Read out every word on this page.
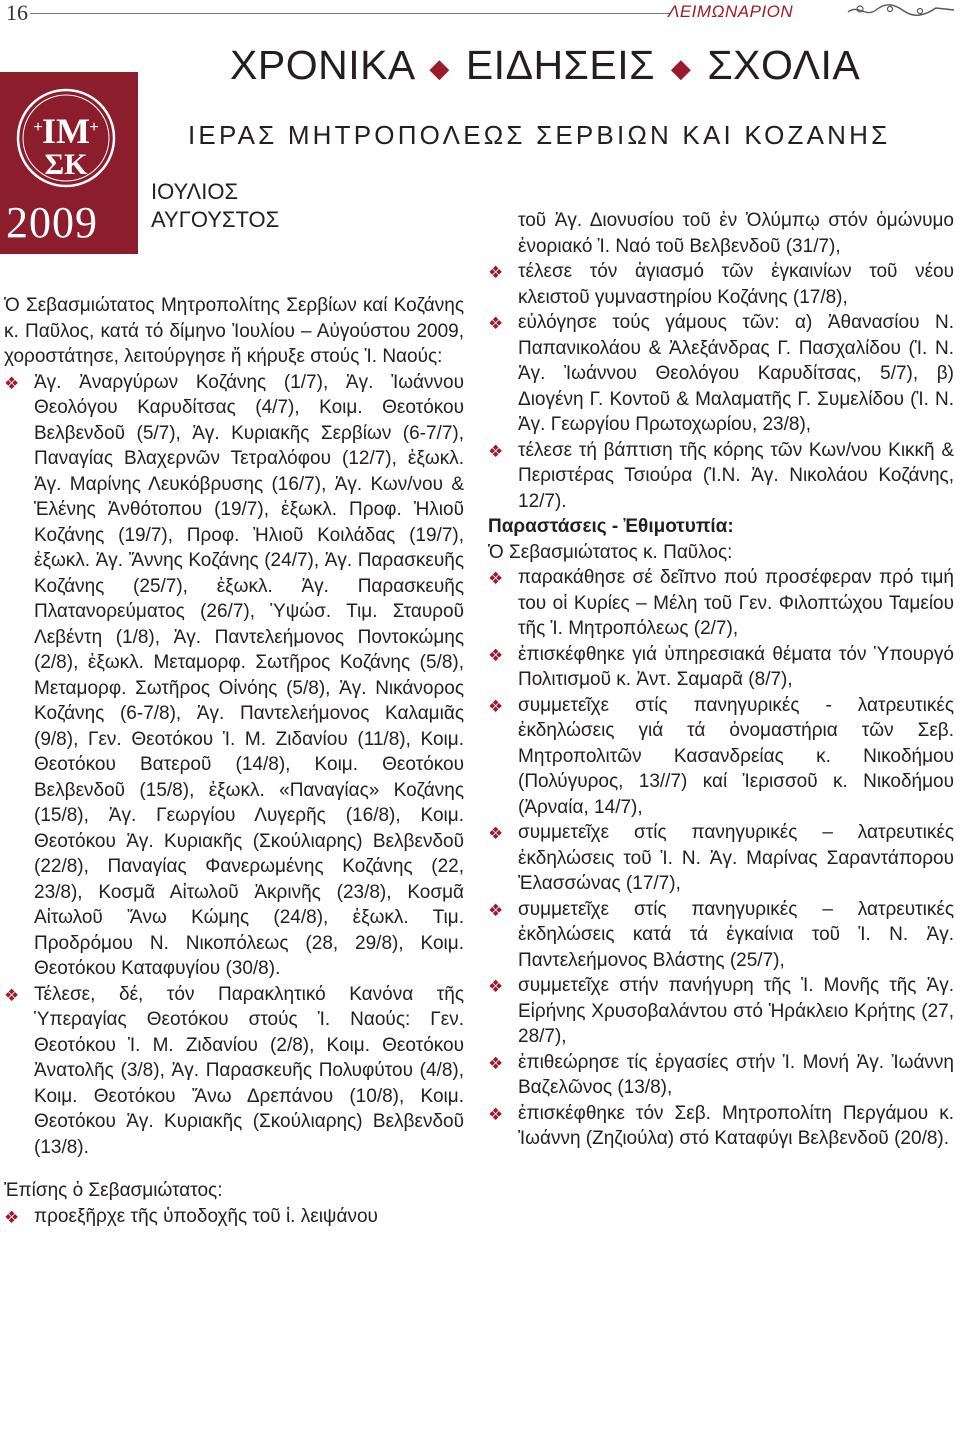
16	ΛΕΙΜΩΝΑΡΙΟΝ
ΧΡΟΝΙΚΑ ◆ ΕΙΔΗΣΕΙΣ ◆ ΣΧΟΛΙΑ
ΙΕΡΑΣ ΜΗΤΡΟΠΟΛΕΩΣ ΣΕΡΒΙΩΝ ΚΑΙ ΚΟΖΑΝΗΣ
ΙΜ
ΣΚ
+	+
2009
ΙΟΥΛΙΟΣ
ΑΥΓΟΥΣΤΟΣ

Ὁ Σεβασμιώτατος Μητροπολίτης Σερβίων καί Κοζάνης κ. Παῦλος, κατά τό δίμηνο Ἰουλίου – Αὐγούστου 2009, χοροστάτησε, λειτούργησε ἤ κήρυξε στούς Ἱ. Ναούς:

❖ Ἁγ. Ἀναργύρων Κοζάνης (1/7), Ἁγ. Ἰωάννου Θεολόγου Καρυδίτσας (4/7), Κοιμ. Θεοτόκου Βελβενδοῦ (5/7), Ἁγ. Κυριακῆς Σερβίων (6-7/7), Παναγίας Βλαχερνῶν Τετραλόφου (12/7), ἐξωκλ. Ἁγ. Μαρίνης Λευκόβρυσης (16/7), Ἁγ. Κων/νου & Ἑλένης Ἀνθότοπου (19/7), ἐξωκλ. Προφ. Ἠλιοῦ Κοζάνης (19/7), Προφ. Ἠλιοῦ Κοιλάδας (19/7), ἐξωκλ. Ἁγ. Ἄννης Κοζάνης (24/7), Ἁγ. Παρασκευῆς Κοζάνης (25/7), ἐξωκλ. Ἁγ. Παρασκευῆς Πλατανορεύματος (26/7), Ὑψώσ. Τιμ. Σταυροῦ Λεβέντη (1/8), Ἁγ. Παντελεήμονος Ποντοκώμης (2/8), ἐξωκλ. Μεταμορφ. Σωτῆρος Κοζάνης (5/8), Μεταμορφ. Σωτῆρος Οἰνόης (5/8), Ἁγ. Νικάνορος Κοζάνης (6-7/8), Ἁγ. Παντελεήμονος Καλαμιᾶς (9/8), Γεν. Θεοτόκου Ἱ. Μ. Ζιδανίου (11/8), Κοιμ. Θεοτόκου Βατεροῦ (14/8), Κοιμ. Θεοτόκου Βελβενδοῦ (15/8), ἐξωκλ. «Παναγίας» Κοζάνης (15/8), Ἁγ. Γεωργίου Λυγερῆς (16/8), Κοιμ. Θεοτόκου Ἁγ. Κυριακῆς (Σκούλιαρης) Βελβενδοῦ (22/8), Παναγίας Φανερωμένης Κοζάνης (22, 23/8), Κοσμᾶ Αἰτωλοῦ Ἀκρινῆς (23/8), Κοσμᾶ Αἰτωλοῦ Ἄνω Κώμης (24/8), ἐξωκλ. Τιμ. Προδρόμου Ν. Νικοπόλεως (28, 29/8), Κοιμ. Θεοτόκου Καταφυγίου (30/8).
❖ Τέλεσε, δέ, τόν Παρακλητικό Κανόνα τῆς Ὑπεραγίας Θεοτόκου στούς Ἱ. Ναούς: Γεν. Θεοτόκου Ἱ. Μ. Ζιδανίου (2/8), Κοιμ. Θεοτόκου Ἀνατολῆς (3/8), Ἁγ. Παρασκευῆς Πολυφύτου (4/8), Κοιμ. Θεοτόκου Ἄνω Δρεπάνου (10/8), Κοιμ. Θεοτόκου Ἁγ. Κυριακῆς (Σκούλιαρης) Βελβενδοῦ (13/8).

Ἐπίσης ὁ Σεβασμιώτατος:

❖ προεξῆρχε τῆς ὑποδοχῆς τοῦ ἱ. λειψάνου

τοῦ Ἁγ. Διονυσίου τοῦ ἐν Ὀλύμπῳ στόν ὁμώνυμο ἐνοριακό Ἱ. Ναό τοῦ Βελβενδοῦ (31/7),

❖ τέλεσε τόν ἁγιασμό τῶν ἐγκαινίων τοῦ νέου κλειστοῦ γυμναστηρίου Κοζάνης (17/8),
❖ εὐλόγησε τούς γάμους τῶν: α) Ἀθανασίου Ν. Παπανικολάου & Ἀλεξάνδρας Γ. Πασχαλίδου (Ἱ. Ν. Ἁγ. Ἰωάννου Θεολόγου Καρυδίτσας, 5/7), β) Διογένη Γ. Κοντοῦ & Μαλαματῆς Γ. Συμελίδου (Ἱ. Ν. Ἁγ. Γεωργίου Πρωτοχωρίου, 23/8),
❖ τέλεσε τή βάπτιση τῆς κόρης τῶν Κων/νου Κικκῆ & Περιστέρας Τσιούρα (Ἱ.Ν. Ἁγ. Νικολάου Κοζάνης, 12/7).

Παραστάσεις - Ἐθιμοτυπία:

Ὁ Σεβασμιώτατος κ. Παῦλος:

❖ παρακάθησε σέ δεῖπνο πού προσέφεραν πρό τιμή του οἱ Κυρίες – Μέλη τοῦ Γεν. Φιλοπτώχου Ταμείου τῆς Ἱ. Μητροπόλεως (2/7),
❖ ἐπισκέφθηκε γιά ὑπηρεσιακά θέματα τόν Ὑπουργό Πολιτισμοῦ κ. Ἀντ. Σαμαρᾶ (8/7),
❖ συμμετεῖχε στίς πανηγυρικές - λατρευτικές ἐκδηλώσεις γιά τά ὀνομαστήρια τῶν Σεβ. Μητροπολιτῶν Κασανδρείας κ. Νικοδήμου (Πολύγυρος, 13//7) καί Ἱερισσοῦ κ. Νικοδήμου (Ἀρναία, 14/7),
❖ συμμετεῖχε στίς πανηγυρικές – λατρευτικές ἐκδηλώσεις τοῦ Ἱ. Ν. Ἁγ. Μαρίνας Σαραντάπορου Ἐλασσώνας (17/7),
❖ συμμετεῖχε στίς πανηγυρικές – λατρευτικές ἐκδηλώσεις κατά τά ἐγκαίνια τοῦ Ἱ. Ν. Ἁγ. Παντελεήμονος Βλάστης (25/7),
❖ συμμετεῖχε στήν πανήγυρη τῆς Ἱ. Μονῆς τῆς Ἁγ. Εἰρήνης Χρυσοβαλάντου στό Ἡράκλειο Κρήτης (27, 28/7),
❖ ἐπιθεώρησε τίς ἐργασίες στήν Ἱ. Μονή Ἁγ. Ἰωάννη Βαζελῶνος (13/8),
❖ ἐπισκέφθηκε τόν Σεβ. Μητροπολίτη Περγάμου κ. Ἰωάννη (Ζηζιούλα) στό Καταφύγι Βελβενδοῦ (20/8).
